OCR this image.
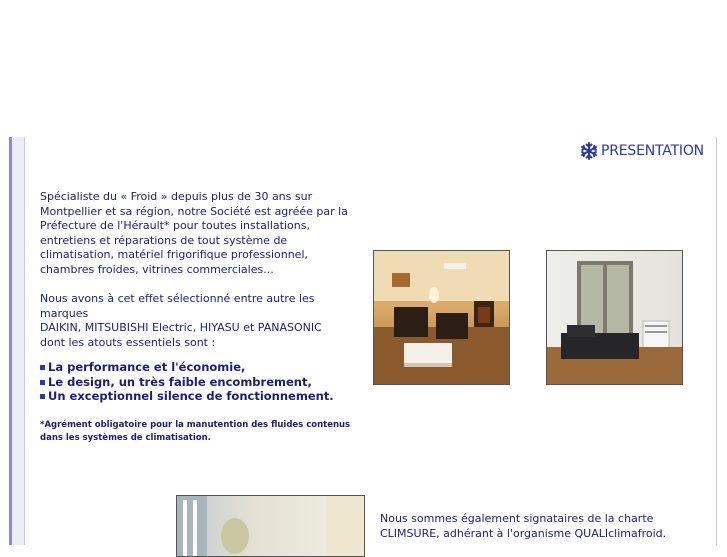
PRESENTATION

Spécialiste du « Froid » depuis plus de 30 ans sur Montpellier et sa région, notre Société est agréée par la Préfecture de l'Hérault* pour toutes installations, entretiens et réparations de tout système de climatisation, matériel frigorifique professionnel, chambres froides, vitrines commerciales...

Nous avons à cet effet sélectionné entre autre les marques

DAIKIN, MITSUBISHI Electric, HIYASU et PANASONIC

dont les atouts essentiels sont :

La performance et l'économie,
Le design, un très faible encombrement,
Un exceptionnel silence de fonctionnement.
*Agrément obligatoire pour la manutention des fluides contenus dans les systèmes de climatisation.

Nous sommes également signataires de la charte

CLIMSURE, adhérant à l'organisme QUALIclimafroid.
